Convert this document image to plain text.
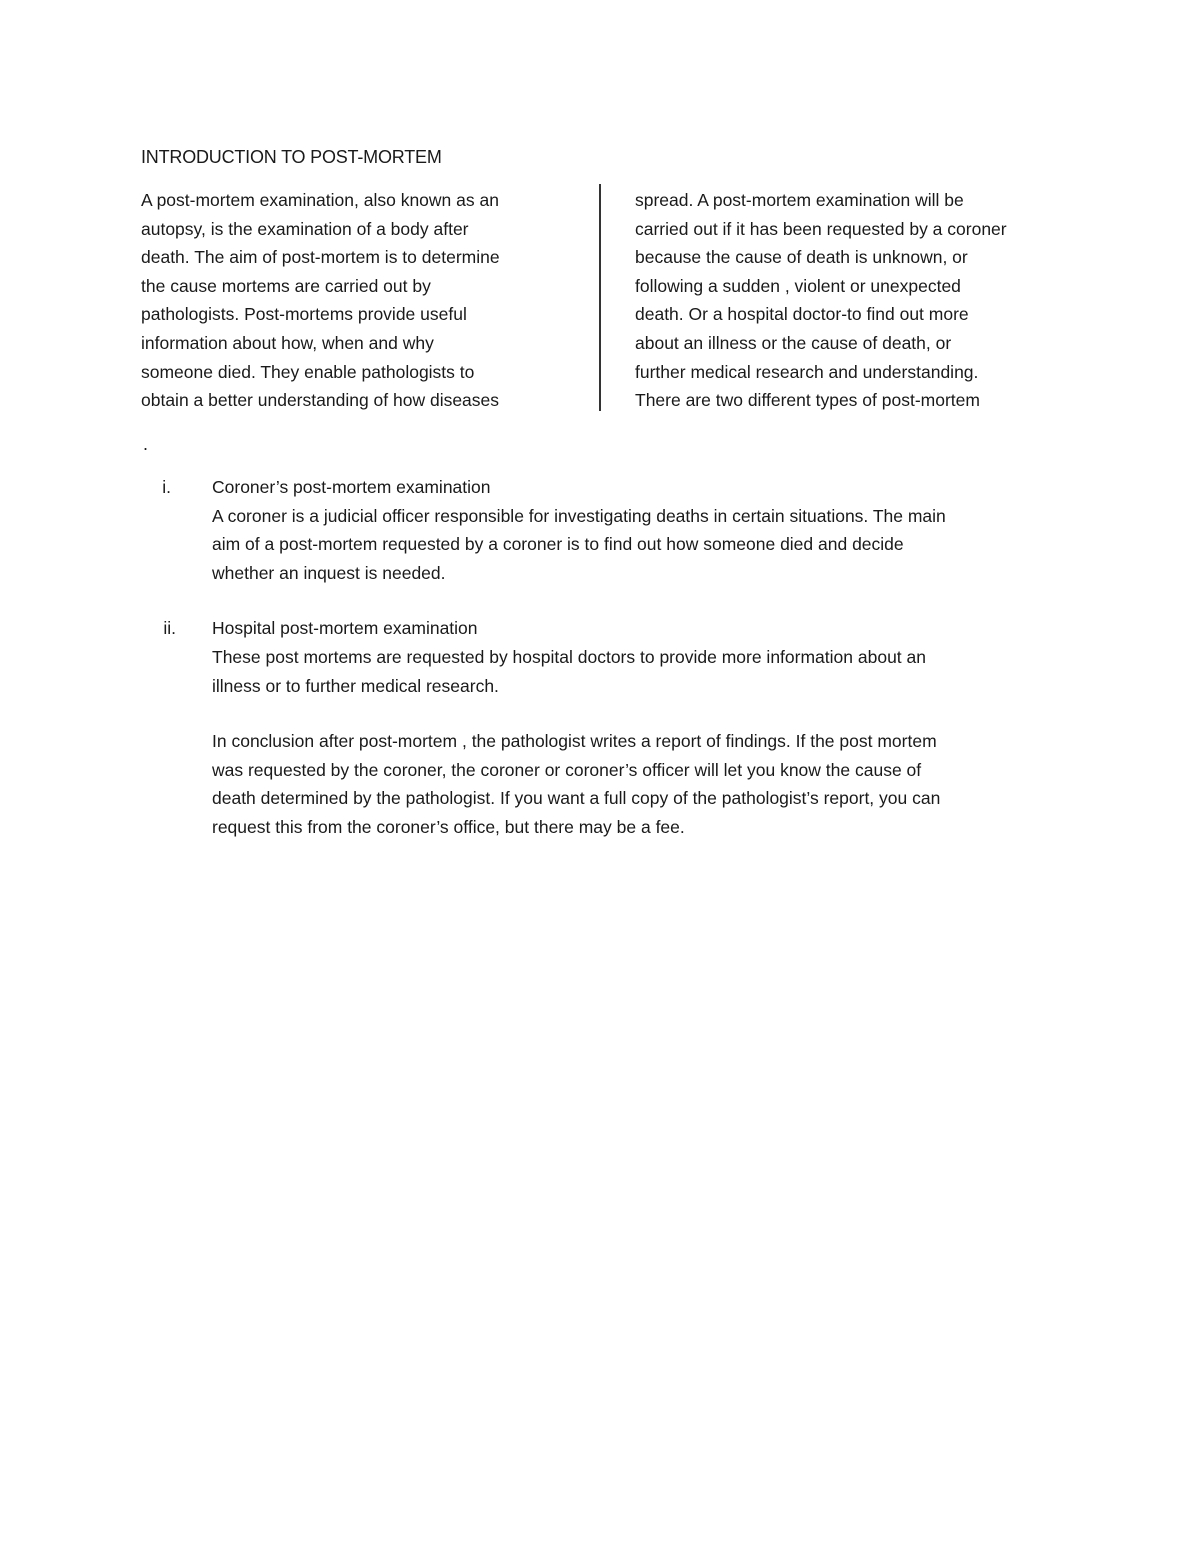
INTRODUCTION TO POST-MORTEM
A post-mortem examination, also known as an
autopsy, is the examination of a body after
death. The aim of post-mortem is to determine
the cause mortems are carried out by
pathologists. Post-mortems provide useful
information about how, when and why
someone died. They enable pathologists to
obtain a better understanding of how diseases
spread. A post-mortem examination will be
carried out if it has been requested by a coroner
because the cause of death is unknown, or
following a sudden , violent or unexpected
death. Or a hospital doctor-to find out more
about an illness or the cause of death, or
further medical research and understanding.
There are two different types of post-mortem
.
i. Coroner’s post-mortem examination
A coroner is a judicial officer responsible for investigating deaths in certain situations. The main
aim of a post-mortem requested by a coroner is to find out how someone died and decide
whether an inquest is needed.
ii. Hospital post-mortem examination
These post mortems are requested by hospital doctors to provide more information about an
illness or to further medical research.
In conclusion after post-mortem , the pathologist writes a report of findings. If the post mortem
was requested by the coroner, the coroner or coroner’s officer will let you know the cause of
death determined by the pathologist. If you want a full copy of the pathologist’s report, you can
request this from the coroner’s office, but there may be a fee.
